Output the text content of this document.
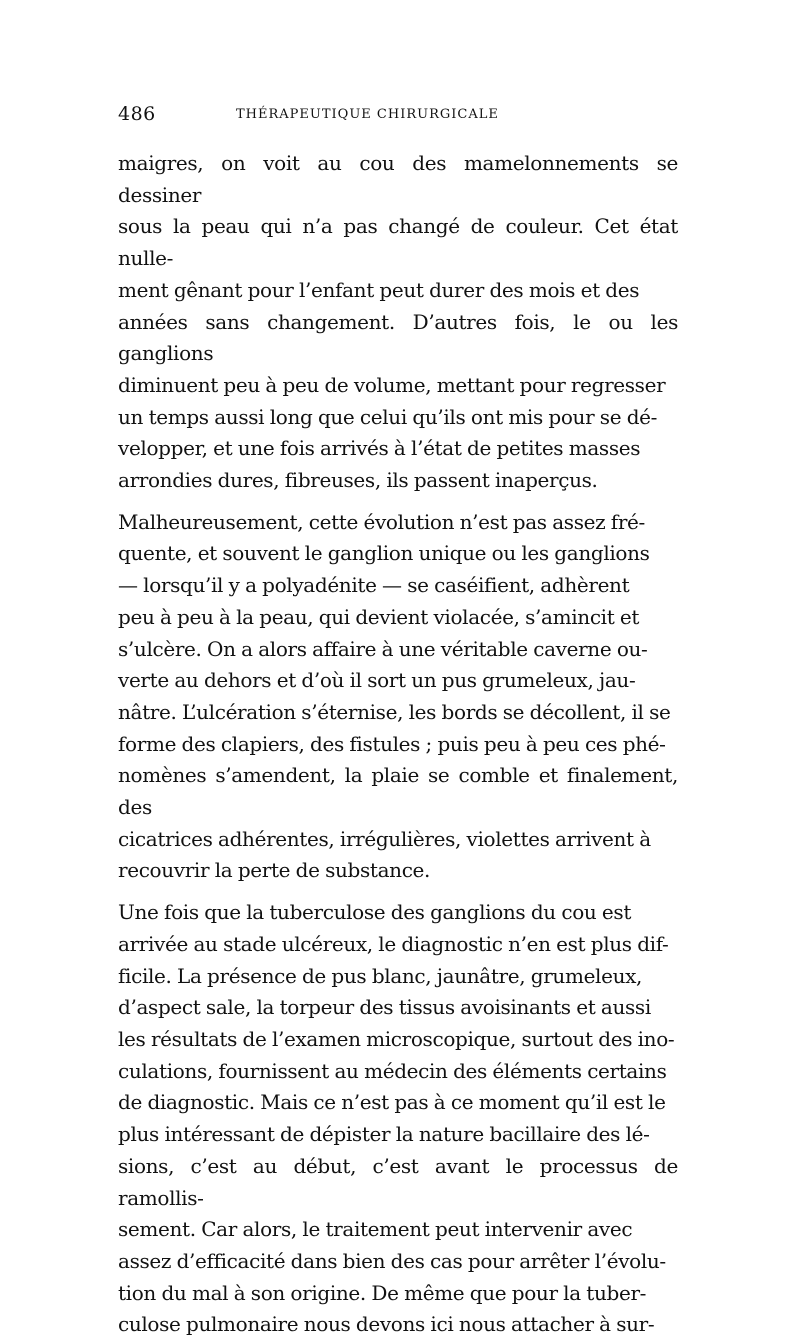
486	THÉRAPEUTIQUE CHIRURGICALE

maigres, on voit au cou des mamelonnements se dessiner
sous la peau qui n’a pas changé de couleur. Cet état nulle-
ment gênant pour l’enfant peut durer des mois et des
années sans changement. D’autres fois, le ou les ganglions
diminuent peu à peu de volume, mettant pour regresser
un temps aussi long que celui qu’ils ont mis pour se dé-
velopper, et une fois arrivés à l’état de petites masses
arrondies dures, fibreuses, ils passent inaperçus.

Malheureusement, cette évolution n’est pas assez fré-
quente, et souvent le ganglion unique ou les ganglions
— lorsqu’il y a polyadénite — se caséifient, adhèrent
peu à peu à la peau, qui devient violacée, s’amincit et
s’ulcère. On a alors affaire à une véritable caverne ou-
verte au dehors et d’où il sort un pus grumeleux, jau-
nâtre. L’ulcération s’éternise, les bords se décollent, il se
forme des clapiers, des fistules ; puis peu à peu ces phé-
nomènes s’amendent, la plaie se comble et finalement, des
cicatrices adhérentes, irrégulières, violettes arrivent à
recouvrir la perte de substance.

Une fois que la tuberculose des ganglions du cou est
arrivée au stade ulcéreux, le diagnostic n’en est plus dif-
ficile. La présence de pus blanc, jaunâtre, grumeleux,
d’aspect sale, la torpeur des tissus avoisinants et aussi
les résultats de l’examen microscopique, surtout des ino-
culations, fournissent au médecin des éléments certains
de diagnostic. Mais ce n’est pas à ce moment qu’il est le
plus intéressant de dépister la nature bacillaire des lé-
sions, c’est au début, c’est avant le processus de ramollis-
sement. Car alors, le traitement peut intervenir avec
assez d’efficacité dans bien des cas pour arrêter l’évolu-
tion du mal à son origine. De même que pour la tuber-
culose pulmonaire nous devons ici nous attacher à sur-
